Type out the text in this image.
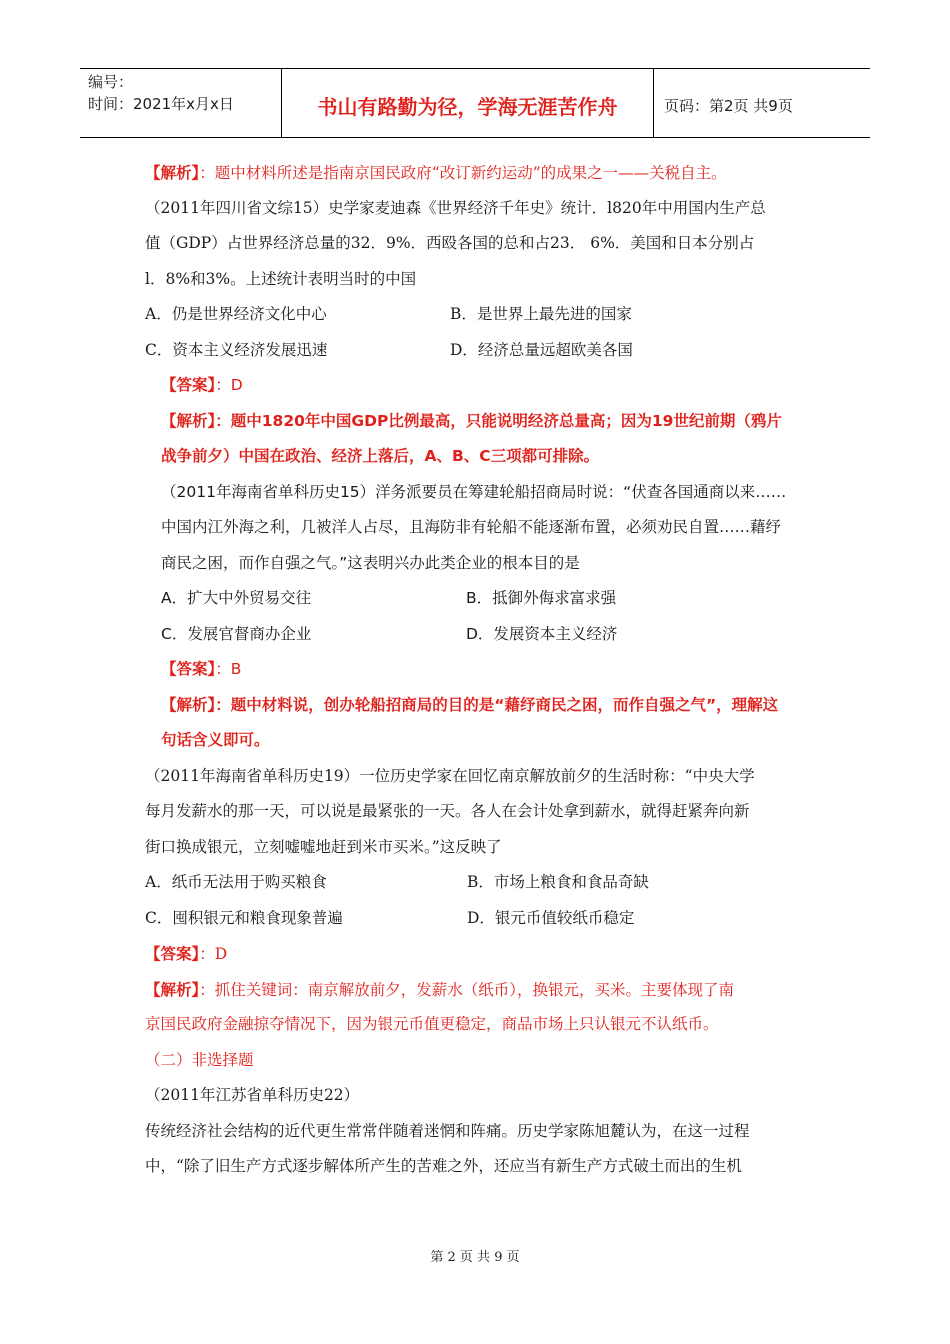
编号：
时间：2021年x月x日	书山有路勤为径，学海无涯苦作舟	页码：第2页 共9页
【解析】：题中材料所述是指南京国民政府“改订新约运动”的成果之一——关税自主。
（2011年四川省文综15）史学家麦迪森《世界经济千年史》统计．l820年中用国内生产总
值（GDP）占世界经济总量的32．9%．西殴各国的总和占23． 6%．美国和日本分别占
l．8%和3%。上述统计表明当时的中国
A．仍是世界经济文化中心	B．是世界上最先进的国家
C．资本主义经济发展迅速	D．经济总量远超欧美各国
【答案】：D
【解析】：题中1820年中国GDP比例最高，只能说明经济总量高；因为19世纪前期（鸦片
战争前夕）中国在政治、经济上落后，A、B、C三项都可排除。
（2011年海南省单科历史15）洋务派要员在筹建轮船招商局时说：“伏查各国通商以来……
中国内江外海之利，几被洋人占尽，且海防非有轮船不能逐渐布置，必须劝民自置……藉纾
商民之困，而作自强之气。”这表明兴办此类企业的根本目的是
A．扩大中外贸易交往	B．抵御外侮求富求强
C．发展官督商办企业	D．发展资本主义经济
【答案】：B
【解析】：题中材料说，创办轮船招商局的目的是“藉纾商民之困，而作自强之气”，理解这
句话含义即可。
（2011年海南省单科历史19）一位历史学家在回忆南京解放前夕的生活时称：“中央大学
每月发薪水的那一天，可以说是最紧张的一天。各人在会计处拿到薪水，就得赶紧奔向新
街口换成银元，立刻嘘嘘地赶到米市买米。”这反映了
A．纸币无法用于购买粮食	B．市场上粮食和食品奇缺
C．囤积银元和粮食现象普遍	D．银元币值较纸币稳定
【答案】：D
【解析】：抓住关键词：南京解放前夕，发薪水（纸币），换银元，买米。主要体现了南
京国民政府金融掠夺情况下，因为银元币值更稳定，商品市场上只认银元不认纸币。
（二）非选择题
（2011年江苏省单科历史22）
传统经济社会结构的近代更生常常伴随着迷惘和阵痛。历史学家陈旭麓认为，在这一过程
中，“除了旧生产方式逐步解体所产生的苦难之外，还应当有新生产方式破土而出的生机
第 2 页 共 9 页
